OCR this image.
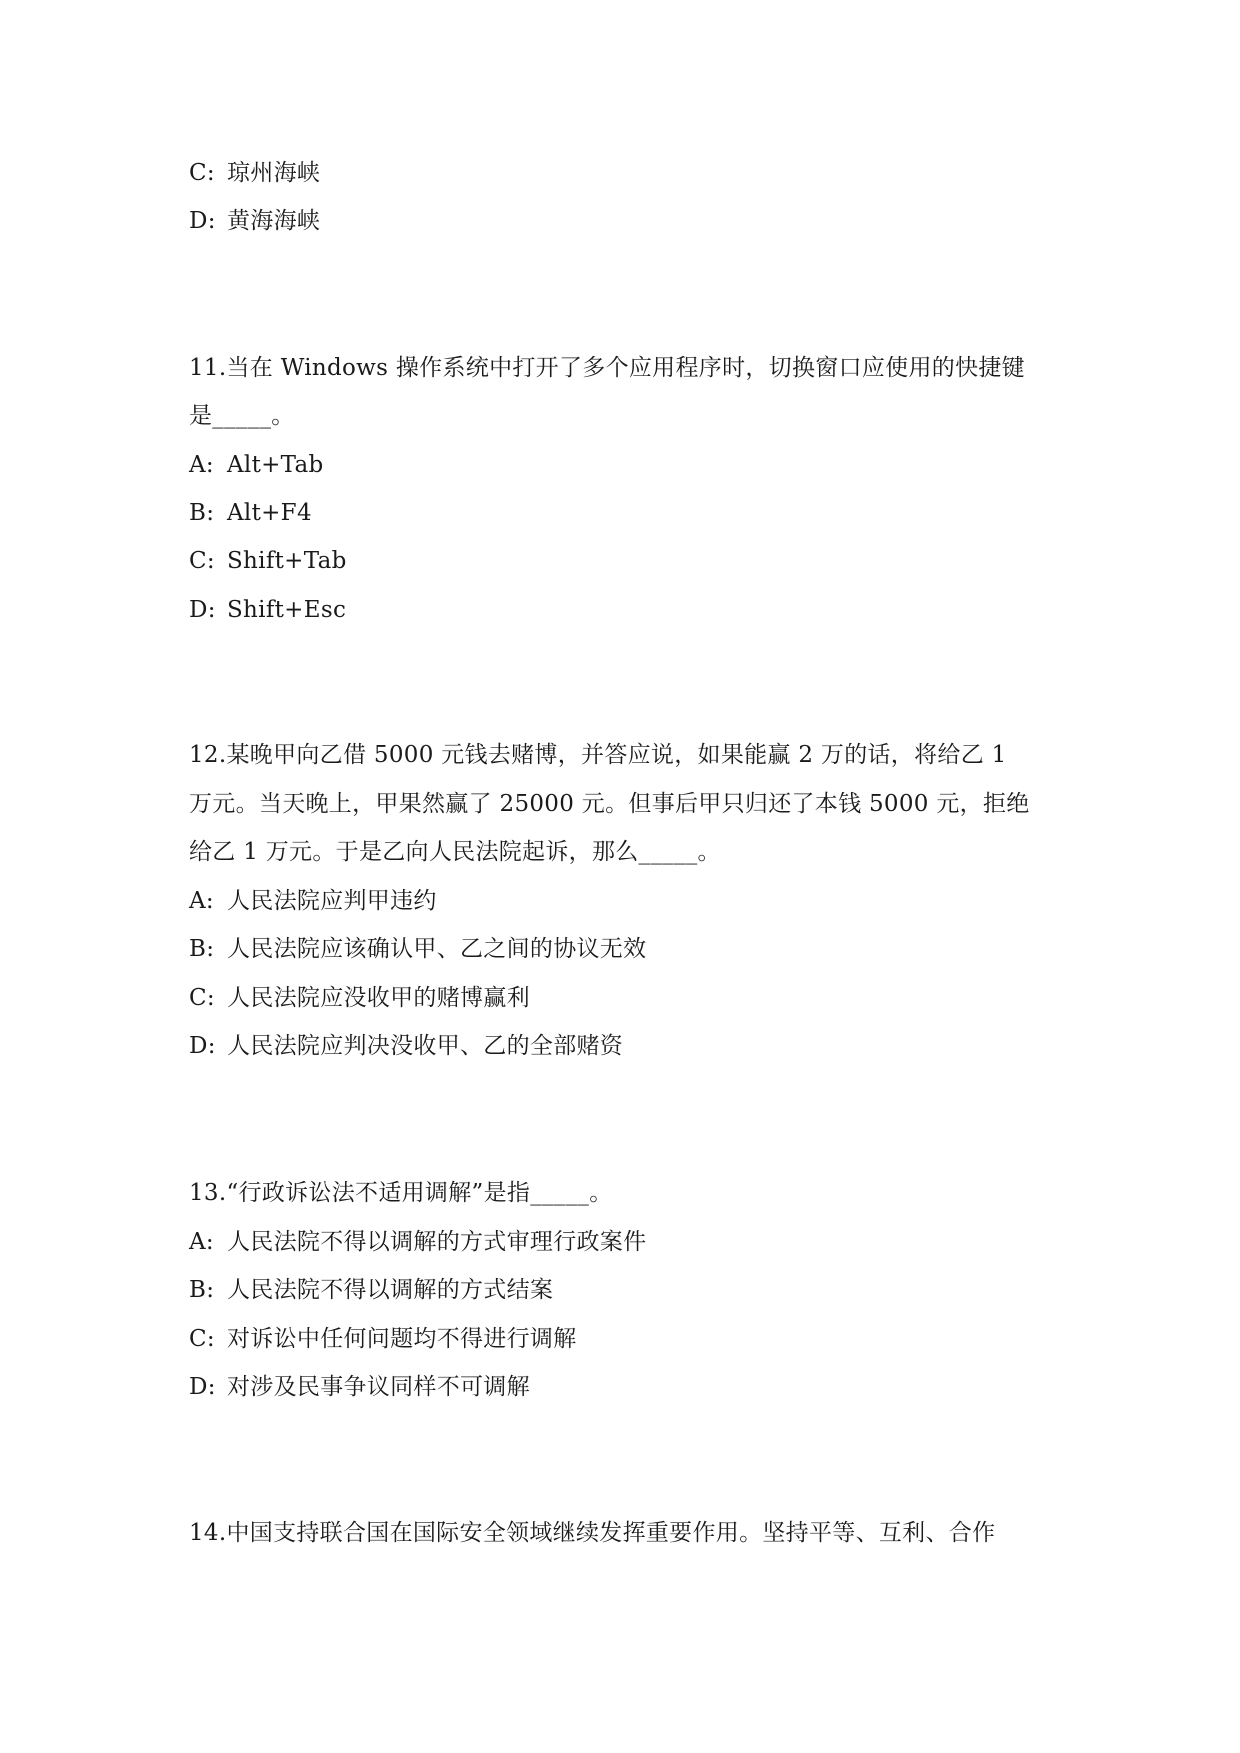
C: 琼州海峡
D: 黄海海峡
11.当在 Windows 操作系统中打开了多个应用程序时，切换窗口应使用的快捷键
是_____。
A: Alt+Tab
B: Alt+F4
C: Shift+Tab
D: Shift+Esc
12.某晚甲向乙借 5000 元钱去赌博，并答应说，如果能赢 2 万的话，将给乙 1
万元。当天晚上，甲果然赢了 25000 元。但事后甲只归还了本钱 5000 元，拒绝
给乙 1 万元。于是乙向人民法院起诉，那么_____。
A: 人民法院应判甲违约
B: 人民法院应该确认甲、乙之间的协议无效
C: 人民法院应没收甲的赌博赢利
D: 人民法院应判决没收甲、乙的全部赌资
13.“行政诉讼法不适用调解”是指_____。
A: 人民法院不得以调解的方式审理行政案件
B: 人民法院不得以调解的方式结案
C: 对诉讼中任何问题均不得进行调解
D: 对涉及民事争议同样不可调解
14.中国支持联合国在国际安全领域继续发挥重要作用。坚持平等、互利、合作
